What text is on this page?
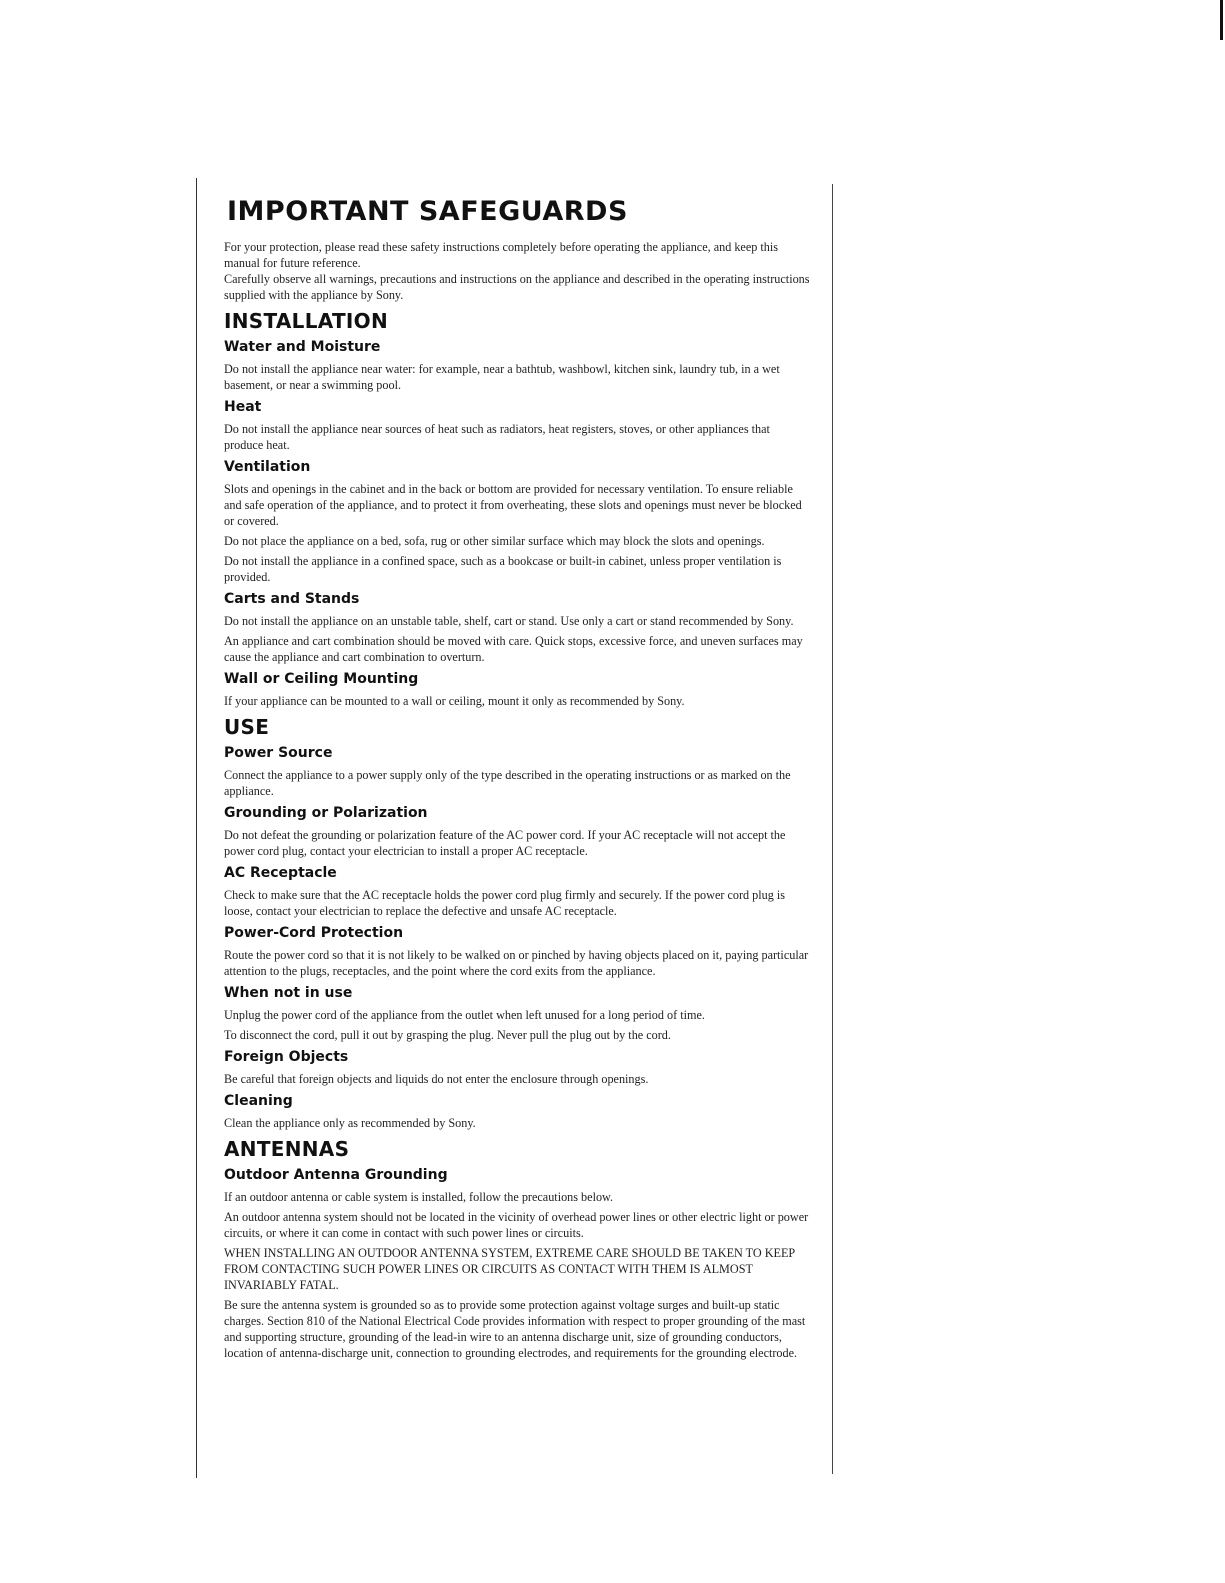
IMPORTANT SAFEGUARDS

For your protection, please read these safety instructions completely before operating the appliance, and keep this manual for future reference.

Carefully observe all warnings, precautions and instructions on the appliance and described in the operating instructions supplied with the appliance by Sony.

INSTALLATION
Water and Moisture

Do not install the appliance near water: for example, near a bathtub, washbowl, kitchen sink, laundry tub, in a wet basement, or near a swimming pool.

Heat

Do not install the appliance near sources of heat such as radiators, heat registers, stoves, or other appliances that produce heat.

Ventilation

Slots and openings in the cabinet and in the back or bottom are provided for necessary ventilation. To ensure reliable and safe operation of the appliance, and to protect it from overheating, these slots and openings must never be blocked or covered.

Do not place the appliance on a bed, sofa, rug or other similar surface which may block the slots and openings.

Do not install the appliance in a confined space, such as a bookcase or built-in cabinet, unless proper ventilation is provided.

Carts and Stands

Do not install the appliance on an unstable table, shelf, cart or stand. Use only a cart or stand recommended by Sony.

An appliance and cart combination should be moved with care. Quick stops, excessive force, and uneven surfaces may cause the appliance and cart combination to overturn.

Wall or Ceiling Mounting

If your appliance can be mounted to a wall or ceiling, mount it only as recommended by Sony.

USE
Power Source

Connect the appliance to a power supply only of the type described in the operating instructions or as marked on the appliance.

Grounding or Polarization

Do not defeat the grounding or polarization feature of the AC power cord. If your AC receptacle will not accept the power cord plug, contact your electrician to install a proper AC receptacle.

AC Receptacle

Check to make sure that the AC receptacle holds the power cord plug firmly and securely. If the power cord plug is loose, contact your electrician to replace the defective and unsafe AC receptacle.

Power-Cord Protection

Route the power cord so that it is not likely to be walked on or pinched by having objects placed on it, paying particular attention to the plugs, receptacles, and the point where the cord exits from the appliance.

When not in use

Unplug the power cord of the appliance from the outlet when left unused for a long period of time.

To disconnect the cord, pull it out by grasping the plug. Never pull the plug out by the cord.

Foreign Objects

Be careful that foreign objects and liquids do not enter the enclosure through openings.

Cleaning

Clean the appliance only as recommended by Sony.

ANTENNAS
Outdoor Antenna Grounding

If an outdoor antenna or cable system is installed, follow the precautions below.

An outdoor antenna system should not be located in the vicinity of overhead power lines or other electric light or power circuits, or where it can come in contact with such power lines or circuits.

WHEN INSTALLING AN OUTDOOR ANTENNA SYSTEM, EXTREME CARE SHOULD BE TAKEN TO KEEP FROM CONTACTING SUCH POWER LINES OR CIRCUITS AS CONTACT WITH THEM IS ALMOST INVARIABLY FATAL.

Be sure the antenna system is grounded so as to provide some protection against voltage surges and built-up static charges. Section 810 of the National Electrical Code provides information with respect to proper grounding of the mast and supporting structure, grounding of the lead-in wire to an antenna discharge unit, size of grounding conductors, location of antenna-discharge unit, connection to grounding electrodes, and requirements for the grounding electrode.
